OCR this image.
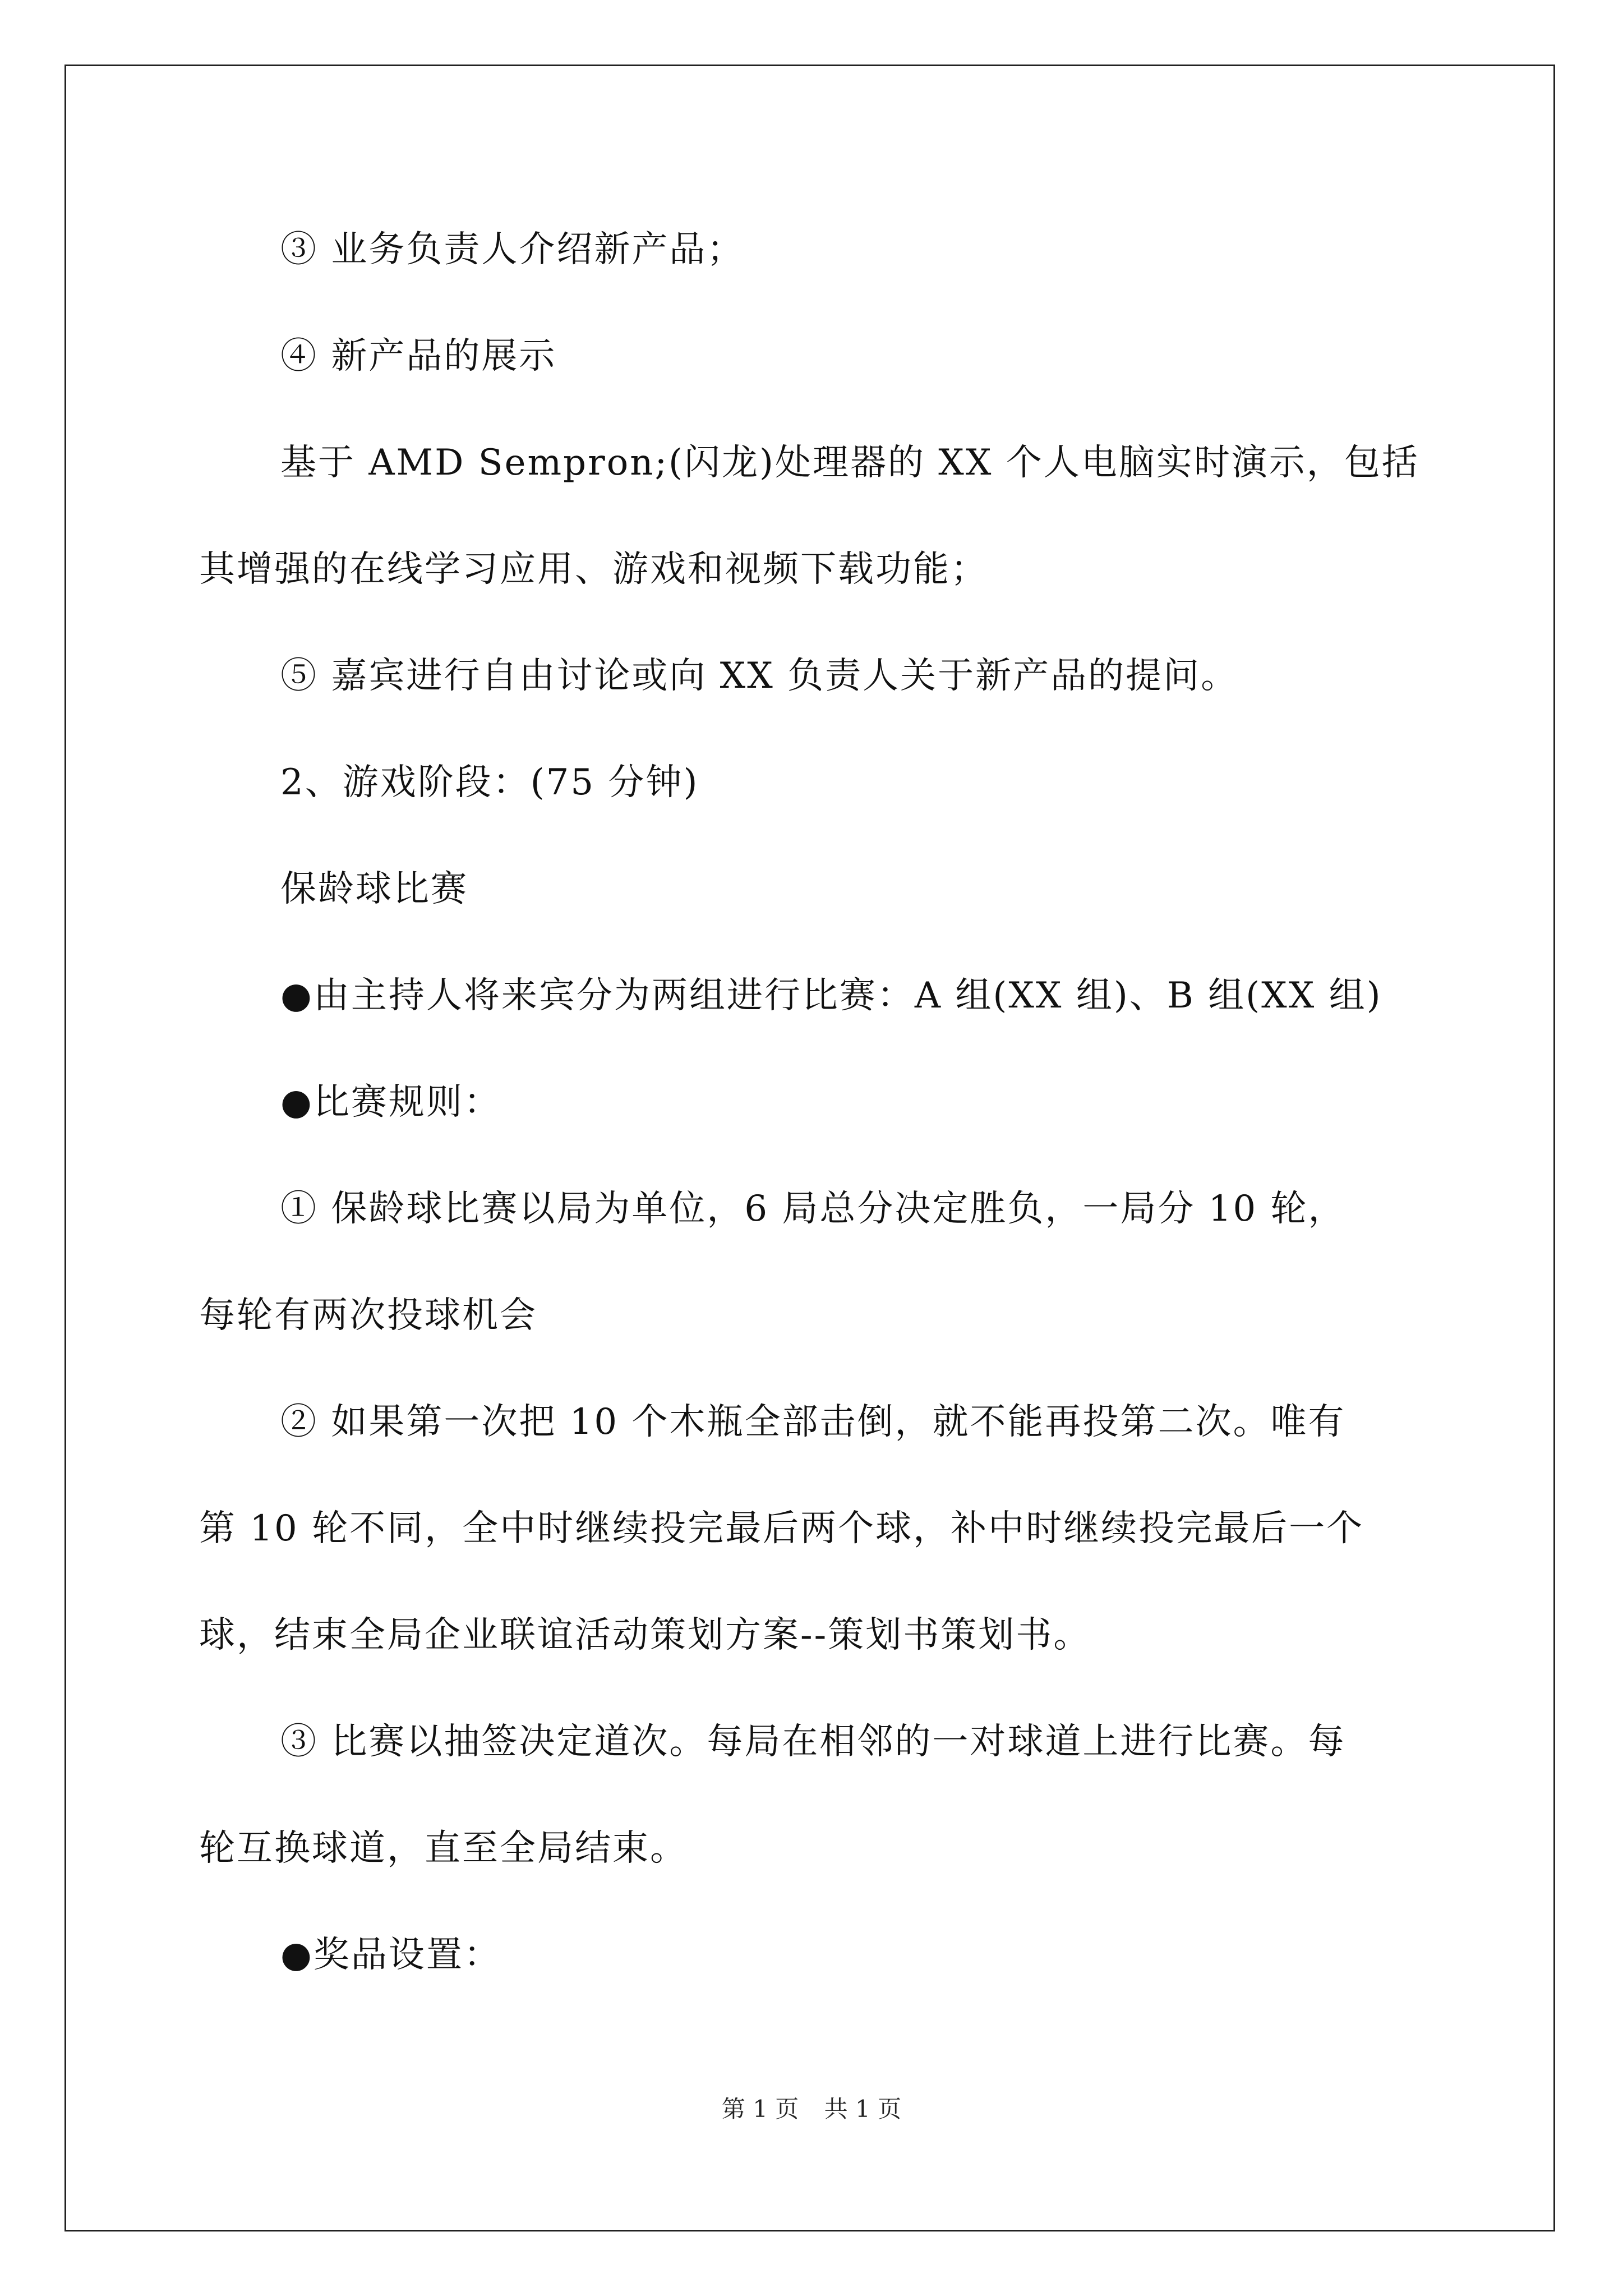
③ 业务负责人介绍新产品；
④ 新产品的展示
基于 AMD Sempron;(闪龙)处理器的 XX 个人电脑实时演示，包括
其增强的在线学习应用、游戏和视频下载功能；
⑤ 嘉宾进行自由讨论或向 XX 负责人关于新产品的提问。
2、游戏阶段：(75 分钟)
保龄球比赛
●由主持人将来宾分为两组进行比赛：A 组(XX 组)、B 组(XX 组)
●比赛规则：
① 保龄球比赛以局为单位，6 局总分决定胜负，一局分 10 轮，
每轮有两次投球机会
② 如果第一次把 10 个木瓶全部击倒，就不能再投第二次。唯有
第 10 轮不同，全中时继续投完最后两个球，补中时继续投完最后一个
球，结束全局企业联谊活动策划方案--策划书策划书。
③ 比赛以抽签决定道次。每局在相邻的一对球道上进行比赛。每
轮互换球道，直至全局结束。
●奖品设置：
第 1 页 共 1 页
